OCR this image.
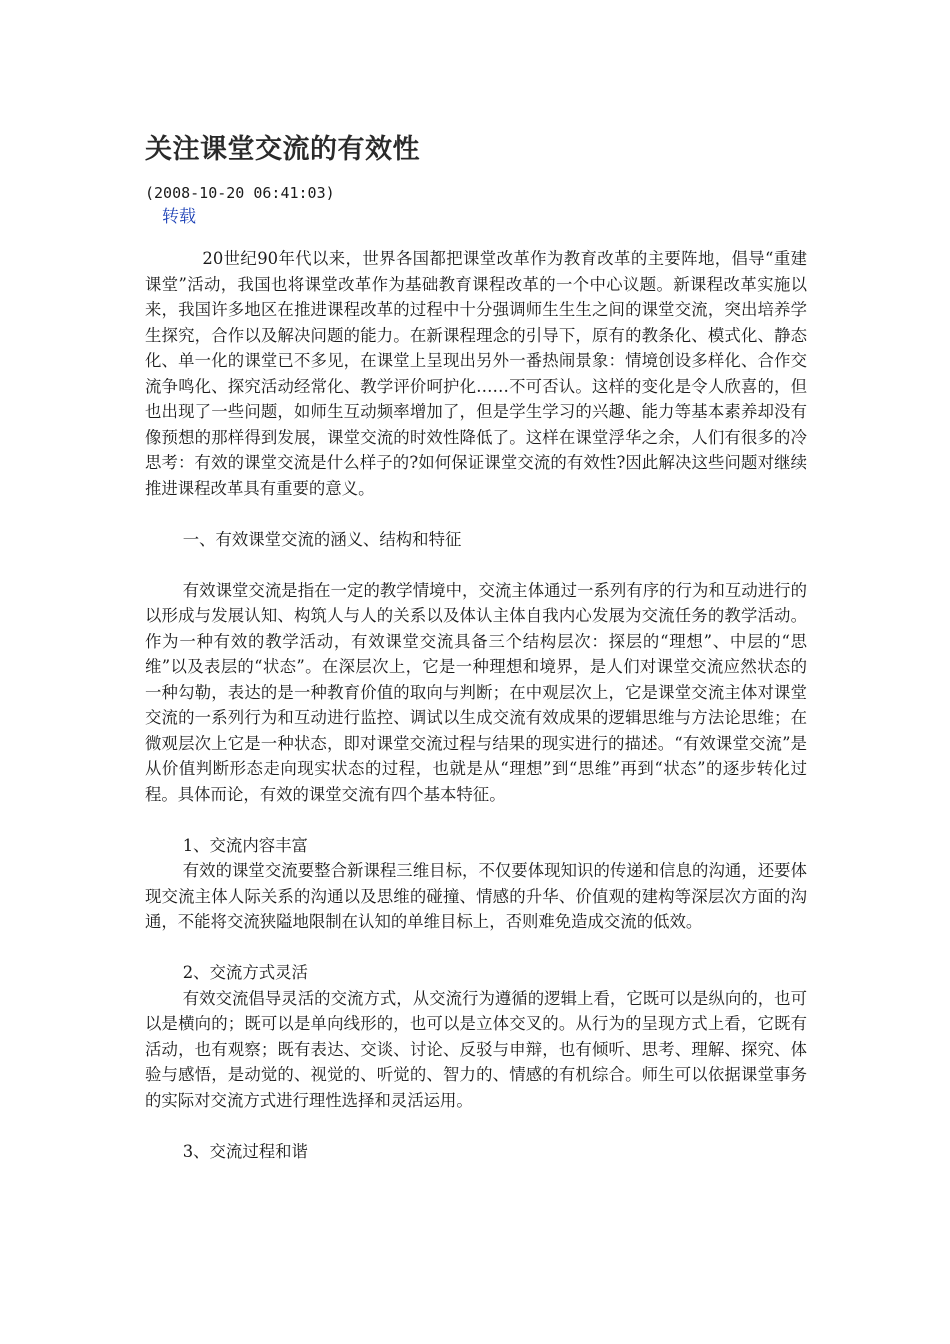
关注课堂交流的有效性
(2008-10-20 06:41:03)
转载

20世纪90年代以来，世界各国都把课堂改革作为教育改革的主要阵地，倡导“重建课堂”活动，我国也将课堂改革作为基础教育课程改革的一个中心议题。新课程改革实施以来，我国许多地区在推进课程改革的过程中十分强调师生生生之间的课堂交流，突出培养学生探究，合作以及解决问题的能力。在新课程理念的引导下，原有的教条化、模式化、静态化、单一化的课堂已不多见，在课堂上呈现出另外一番热闹景象：情境创设多样化、合作交流争鸣化、探究活动经常化、教学评价呵护化……不可否认。这样的变化是令人欣喜的，但也出现了一些问题，如师生互动频率增加了，但是学生学习的兴趣、能力等基本素养却没有像预想的那样得到发展，课堂交流的时效性降低了。这样在课堂浮华之余，人们有很多的冷思考：有效的课堂交流是什么样子的?如何保证课堂交流的有效性?因此解决这些问题对继续推进课程改革具有重要的意义。

一、有效课堂交流的涵义、结构和特征

有效课堂交流是指在一定的教学情境中，交流主体通过一系列有序的行为和互动进行的以形成与发展认知、构筑人与人的关系以及体认主体自我内心发展为交流任务的教学活动。作为一种有效的教学活动，有效课堂交流具备三个结构层次：探层的“理想”、中层的“思维”以及表层的“状态”。在深层次上，它是一种理想和境界，是人们对课堂交流应然状态的一种勾勒，表达的是一种教育价值的取向与判断；在中观层次上，它是课堂交流主体对课堂交流的一系列行为和互动进行监控、调试以生成交流有效成果的逻辑思维与方法论思维；在微观层次上它是一种状态，即对课堂交流过程与结果的现实进行的描述。“有效课堂交流”是从价值判断形态走向现实状态的过程，也就是从“理想”到“思维”再到“状态”的逐步转化过程。具体而论，有效的课堂交流有四个基本特征。

1、交流内容丰富

有效的课堂交流要整合新课程三维目标，不仅要体现知识的传递和信息的沟通，还要体现交流主体人际关系的沟通以及思维的碰撞、情感的升华、价值观的建构等深层次方面的沟通，不能将交流狭隘地限制在认知的单维目标上，否则难免造成交流的低效。

2、交流方式灵活

有效交流倡导灵活的交流方式，从交流行为遵循的逻辑上看，它既可以是纵向的，也可以是横向的；既可以是单向线形的，也可以是立体交叉的。从行为的呈现方式上看，它既有活动，也有观察；既有表达、交谈、讨论、反驳与申辩，也有倾听、思考、理解、探究、体验与感悟，是动觉的、视觉的、听觉的、智力的、情感的有机综合。师生可以依据课堂事务的实际对交流方式进行理性选择和灵活运用。

3、交流过程和谐
